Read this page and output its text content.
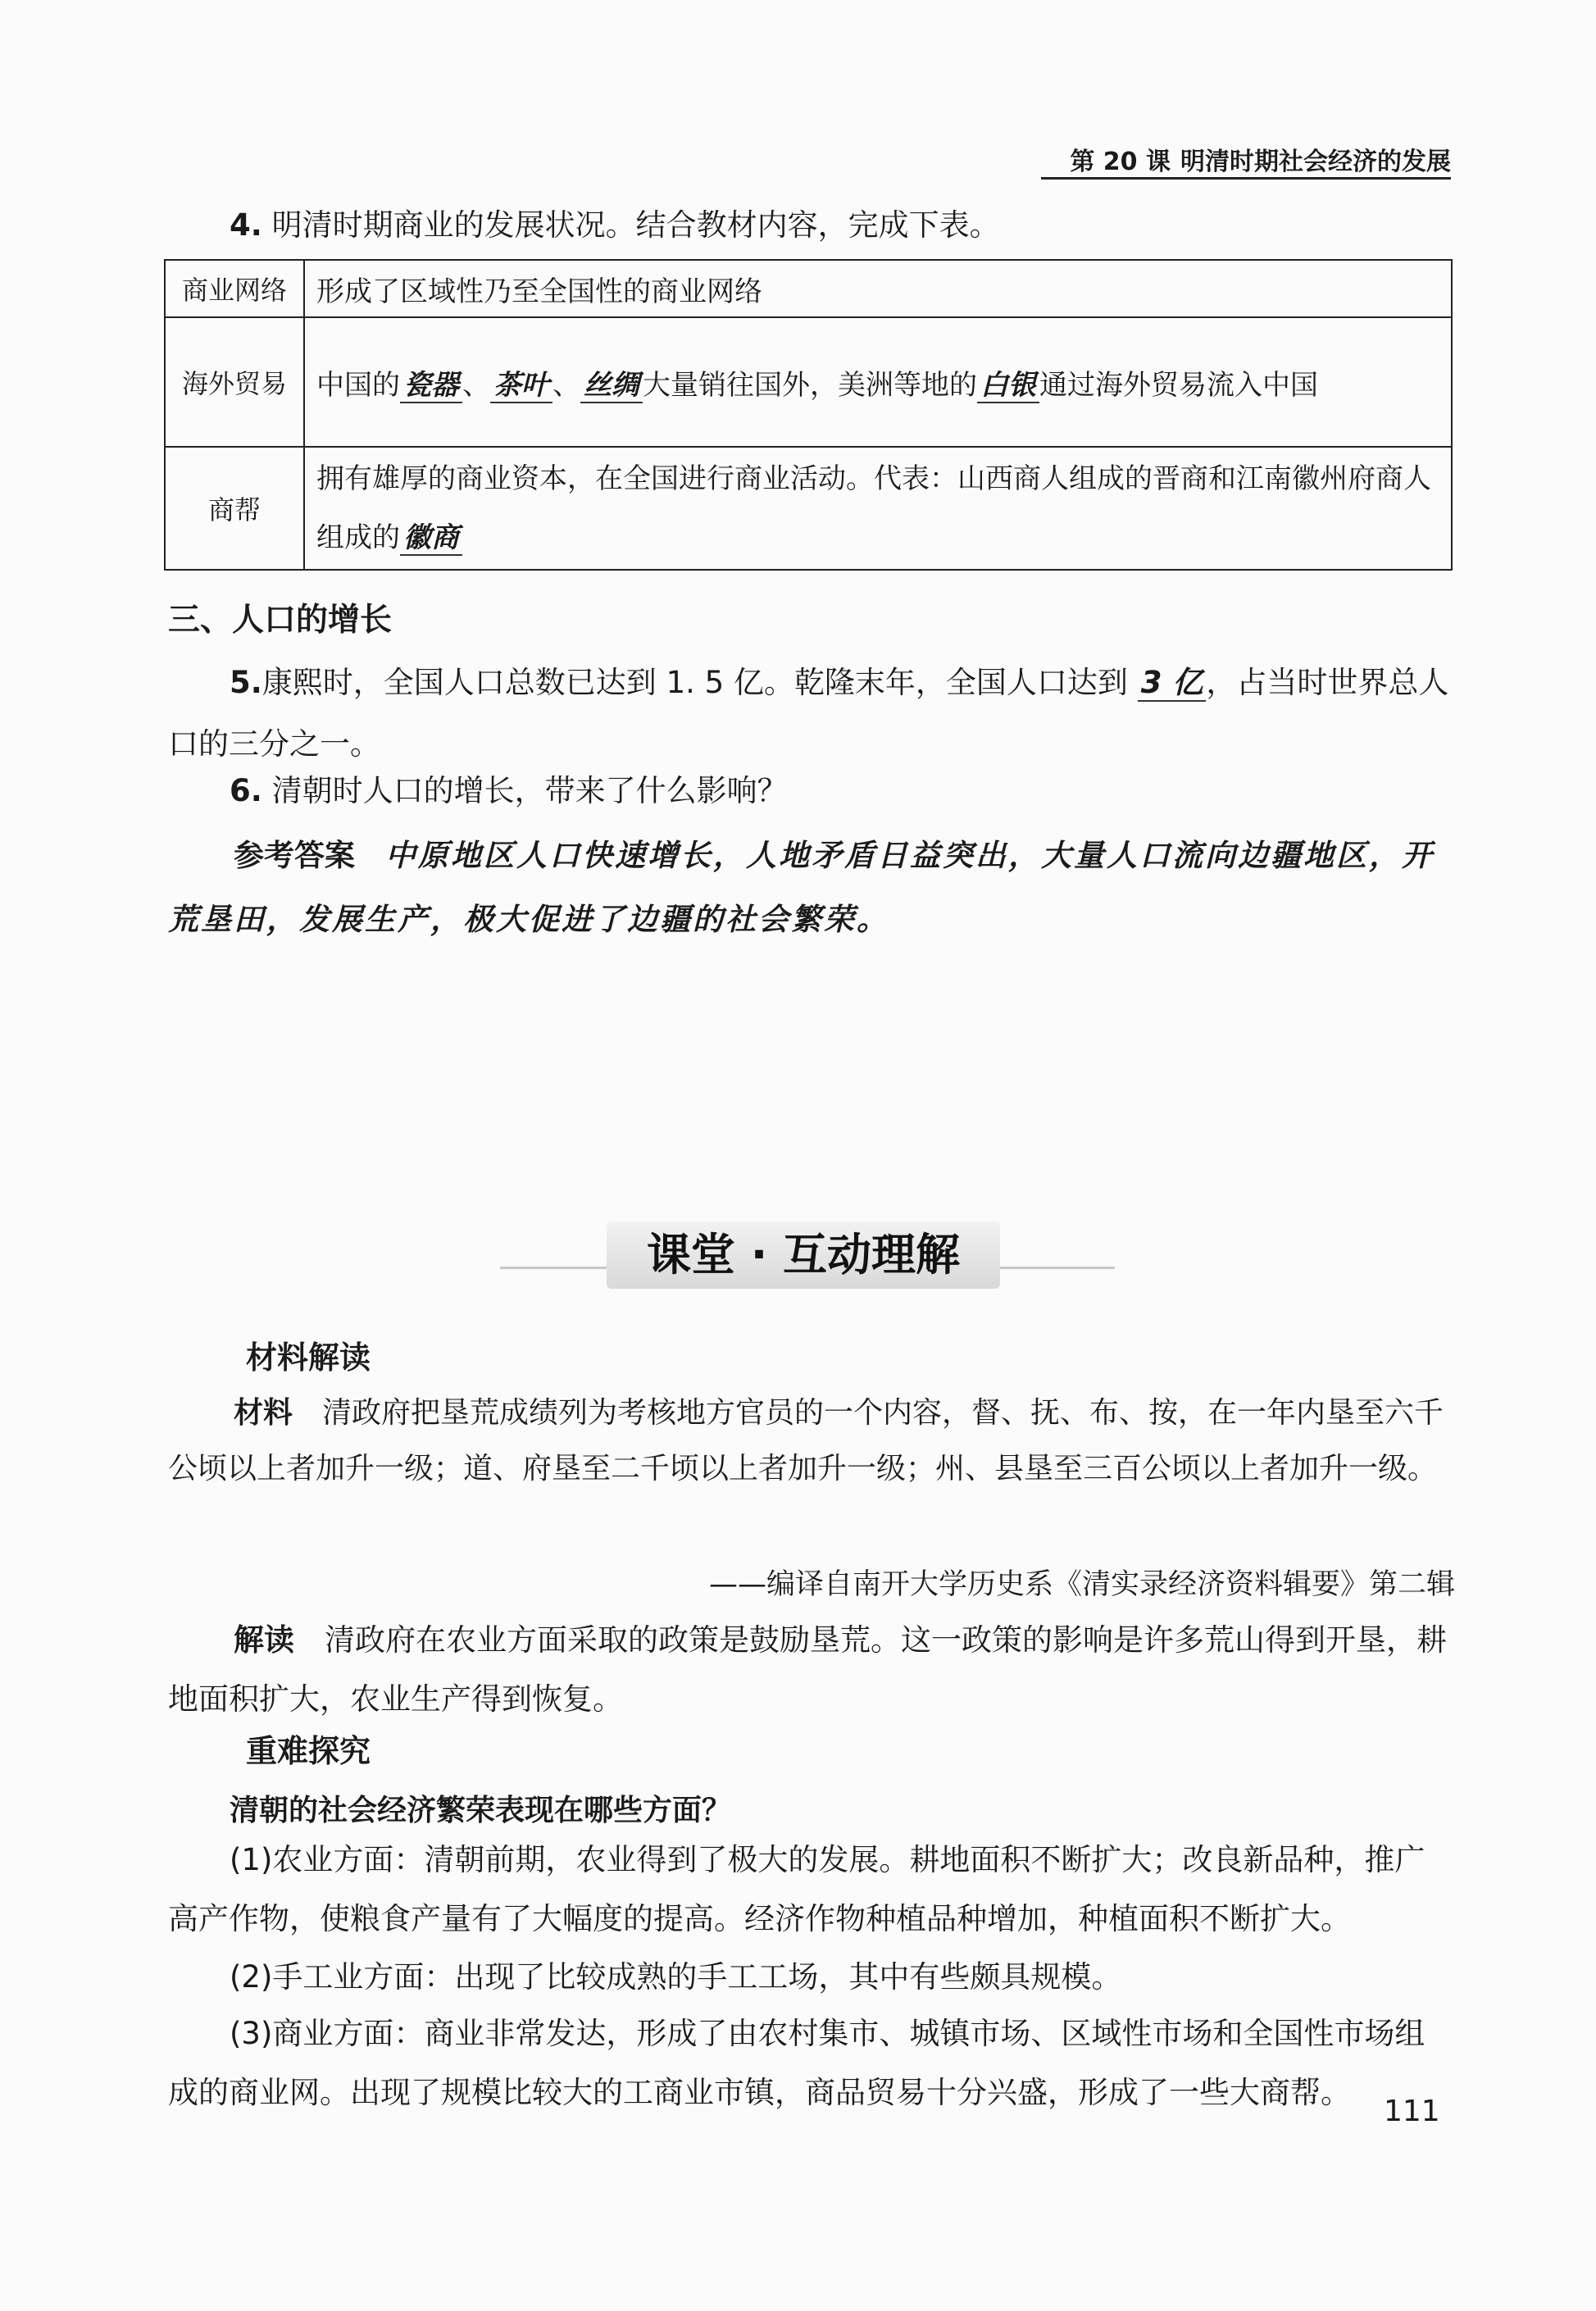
第 20 课 明清时期社会经济的发展
4. 明清时期商业的发展状况。结合教材内容，完成下表。
商业网络	形成了区域性乃至全国性的商业网络
海外贸易	中国的 瓷器 、 茶叶 、 丝绸 大量销往国外，美洲等地的 白银 通过海外贸易流入中国
商帮	拥有雄厚的商业资本，在全国进行商业活动。代表：山西商人组成的晋商和江南徽州府商人组成的 徽商
三、人口的增长
5.康熙时，全国人口总数已达到 1. 5 亿。乾隆末年，全国人口达到 3 亿 ，占当时世界总人口的三分之一。
6. 清朝时人口的增长，带来了什么影响？
参考答案　 中原地区人口快速增长，人地矛盾日益突出，大量人口流向边疆地区，开荒垦田，发展生产，极大促进了边疆的社会繁荣。
课堂 · 互动理解
材料解读
材料　 清政府把垦荒成绩列为考核地方官员的一个内容，督、抚、布、按，在一年内垦至六千公顷以上者加升一级；道、府垦至二千顷以上者加升一级；州、县垦至三百公顷以上者加升一级。
——编译自南开大学历史系《清实录经济资料辑要》第二辑
解读　 清政府在农业方面采取的政策是鼓励垦荒。这一政策的影响是许多荒山得到开垦，耕地面积扩大，农业生产得到恢复。
重难探究
清朝的社会经济繁荣表现在哪些方面？
(1)农业方面：清朝前期，农业得到了极大的发展。耕地面积不断扩大；改良新品种，推广高产作物，使粮食产量有了大幅度的提高。经济作物种植品种增加，种植面积不断扩大。
(2)手工业方面：出现了比较成熟的手工工场，其中有些颇具规模。
(3)商业方面：商业非常发达，形成了由农村集市、城镇市场、区域性市场和全国性市场组成的商业网。出现了规模比较大的工商业市镇，商品贸易十分兴盛，形成了一些大商帮。
111
